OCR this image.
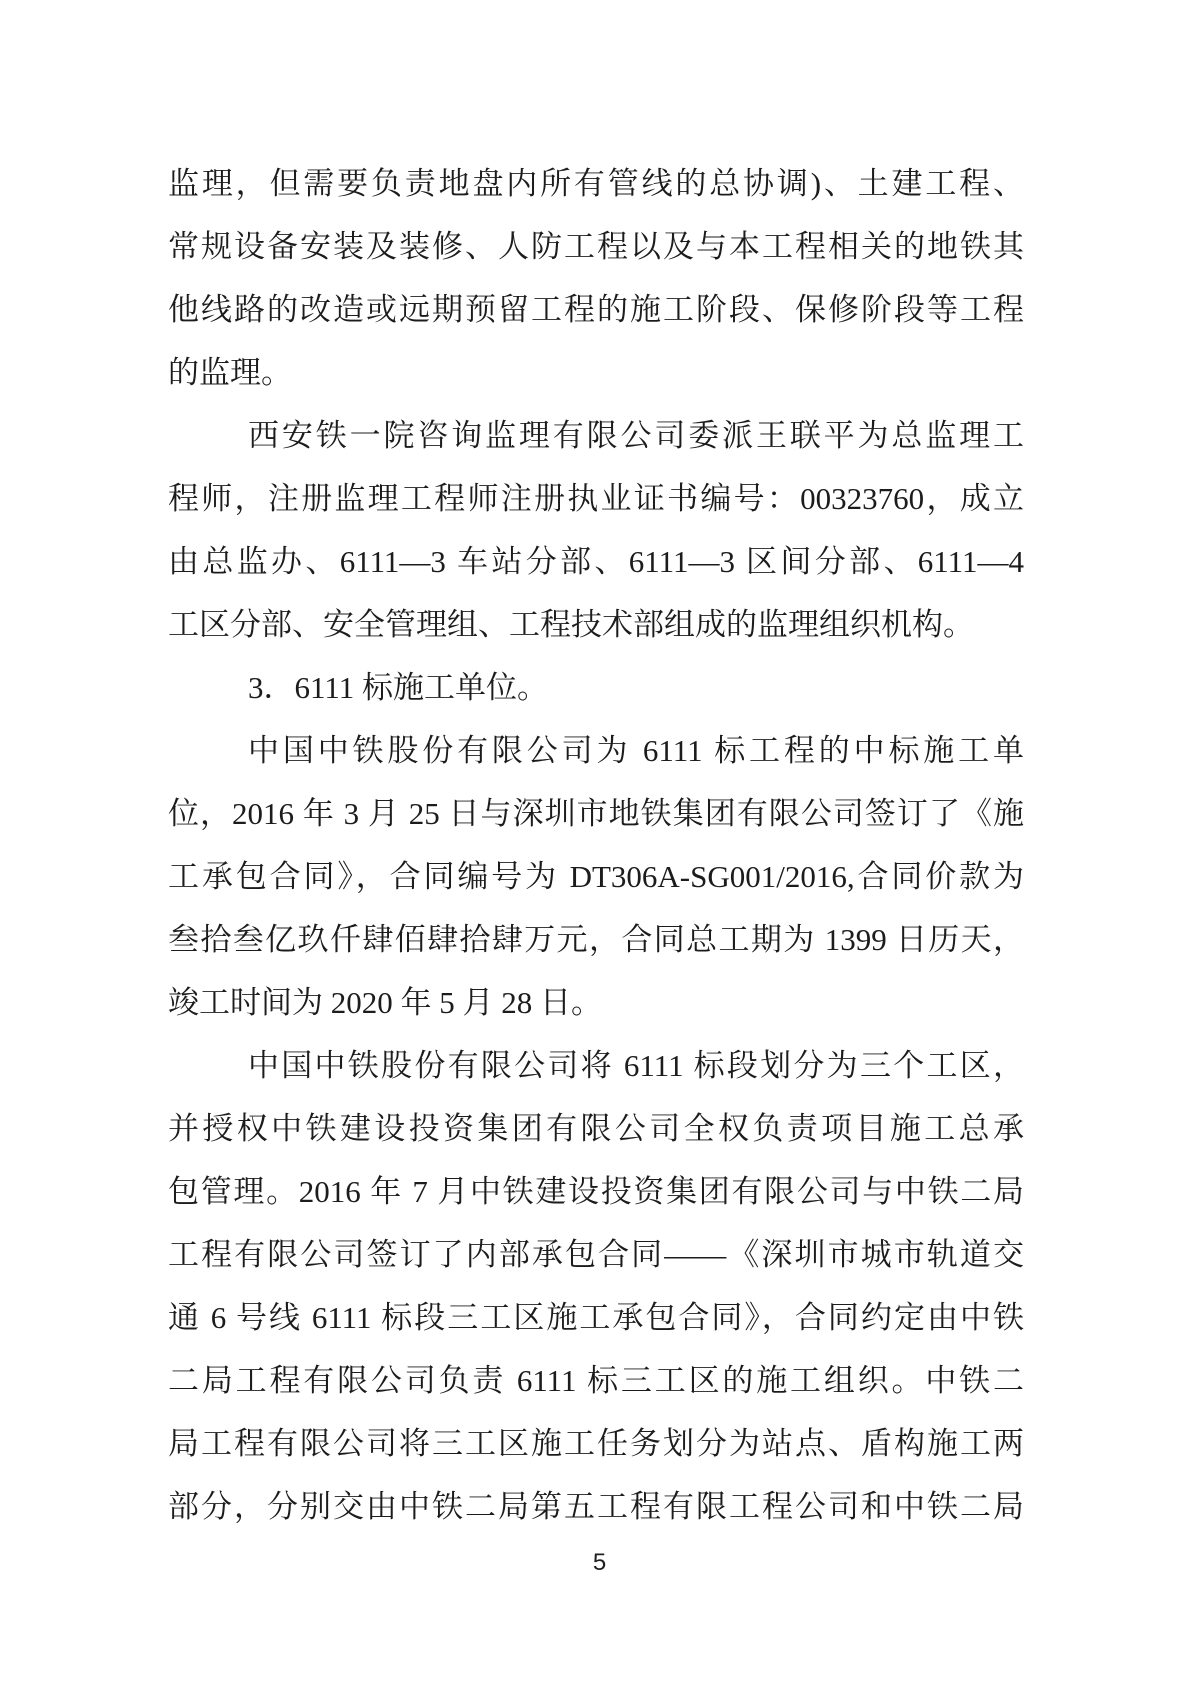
监理，但需要负责地盘内所有管线的总协调)、土建工程、
常规设备安装及装修、人防工程以及与本工程相关的地铁其
他线路的改造或远期预留工程的施工阶段、保修阶段等工程
的监理。
西安铁一院咨询监理有限公司委派王联平为总监理工
程师，注册监理工程师注册执业证书编号：00323760，成立
由总监办、6111—3 车站分部、6111—3 区间分部、6111—4
工区分部、安全管理组、工程技术部组成的监理组织机构。
3．6111 标施工单位。
中国中铁股份有限公司为 6111 标工程的中标施工单
位，2016 年 3 月 25 日与深圳市地铁集团有限公司签订了《施
工承包合同》，合同编号为 DT306A-SG001/2016,合同价款为
叁拾叁亿玖仟肆佰肆拾肆万元，合同总工期为 1399 日历天，
竣工时间为 2020 年 5 月 28 日。
中国中铁股份有限公司将 6111 标段划分为三个工区，
并授权中铁建设投资集团有限公司全权负责项目施工总承
包管理。2016 年 7 月中铁建设投资集团有限公司与中铁二局
工程有限公司签订了内部承包合同——《深圳市城市轨道交
通 6 号线 6111 标段三工区施工承包合同》，合同约定由中铁
二局工程有限公司负责 6111 标三工区的施工组织。中铁二
局工程有限公司将三工区施工任务划分为站点、盾构施工两
部分，分别交由中铁二局第五工程有限工程公司和中铁二局
5
